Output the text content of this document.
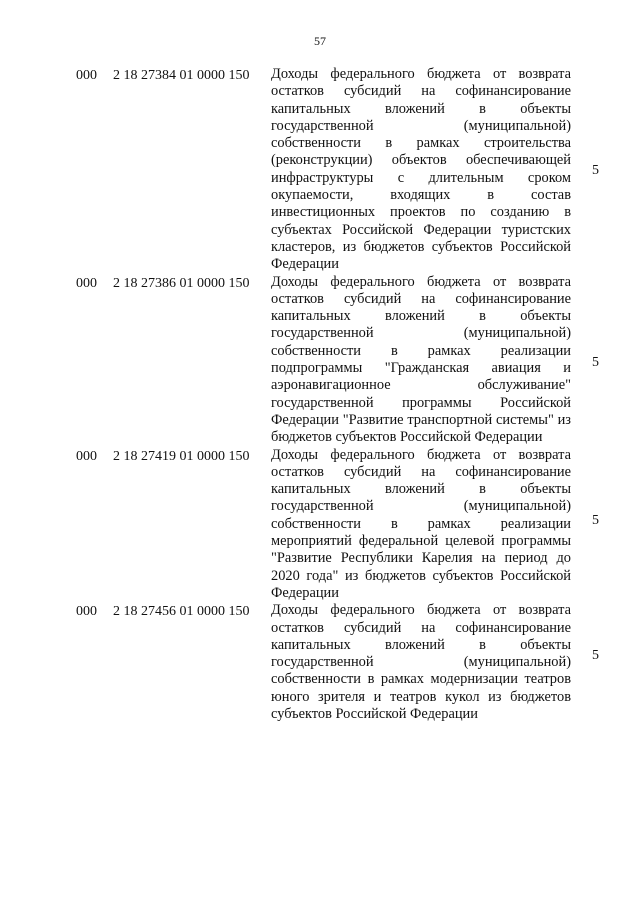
57
000 2 18 27384 01 0000 150 Доходы федерального бюджета от возврата остатков субсидий на софинансирование капитальных вложений в объекты государственной (муниципальной) собственности в рамках строительства (реконструкции) объектов обеспечивающей инфраструктуры с длительным сроком окупаемости, входящих в состав инвестиционных проектов по созданию в субъектах Российской Федерации туристских кластеров, из бюджетов субъектов Российской Федерации
5
000 2 18 27386 01 0000 150 Доходы федерального бюджета от возврата остатков субсидий на софинансирование капитальных вложений в объекты государственной (муниципальной) собственности в рамках реализации подпрограммы "Гражданская авиация и аэронавигационное обслуживание" государственной программы Российской Федерации "Развитие транспортной системы" из бюджетов субъектов Российской Федерации
5
000 2 18 27419 01 0000 150 Доходы федерального бюджета от возврата остатков субсидий на софинансирование капитальных вложений в объекты государственной (муниципальной) собственности в рамках реализации мероприятий федеральной целевой программы "Развитие Республики Карелия на период до 2020 года" из бюджетов субъектов Российской Федерации
5
000 2 18 27456 01 0000 150 Доходы федерального бюджета от возврата остатков субсидий на софинансирование капитальных вложений в объекты государственной (муниципальной) собственности в рамках модернизации театров юного зрителя и театров кукол из бюджетов субъектов Российской Федерации
5
